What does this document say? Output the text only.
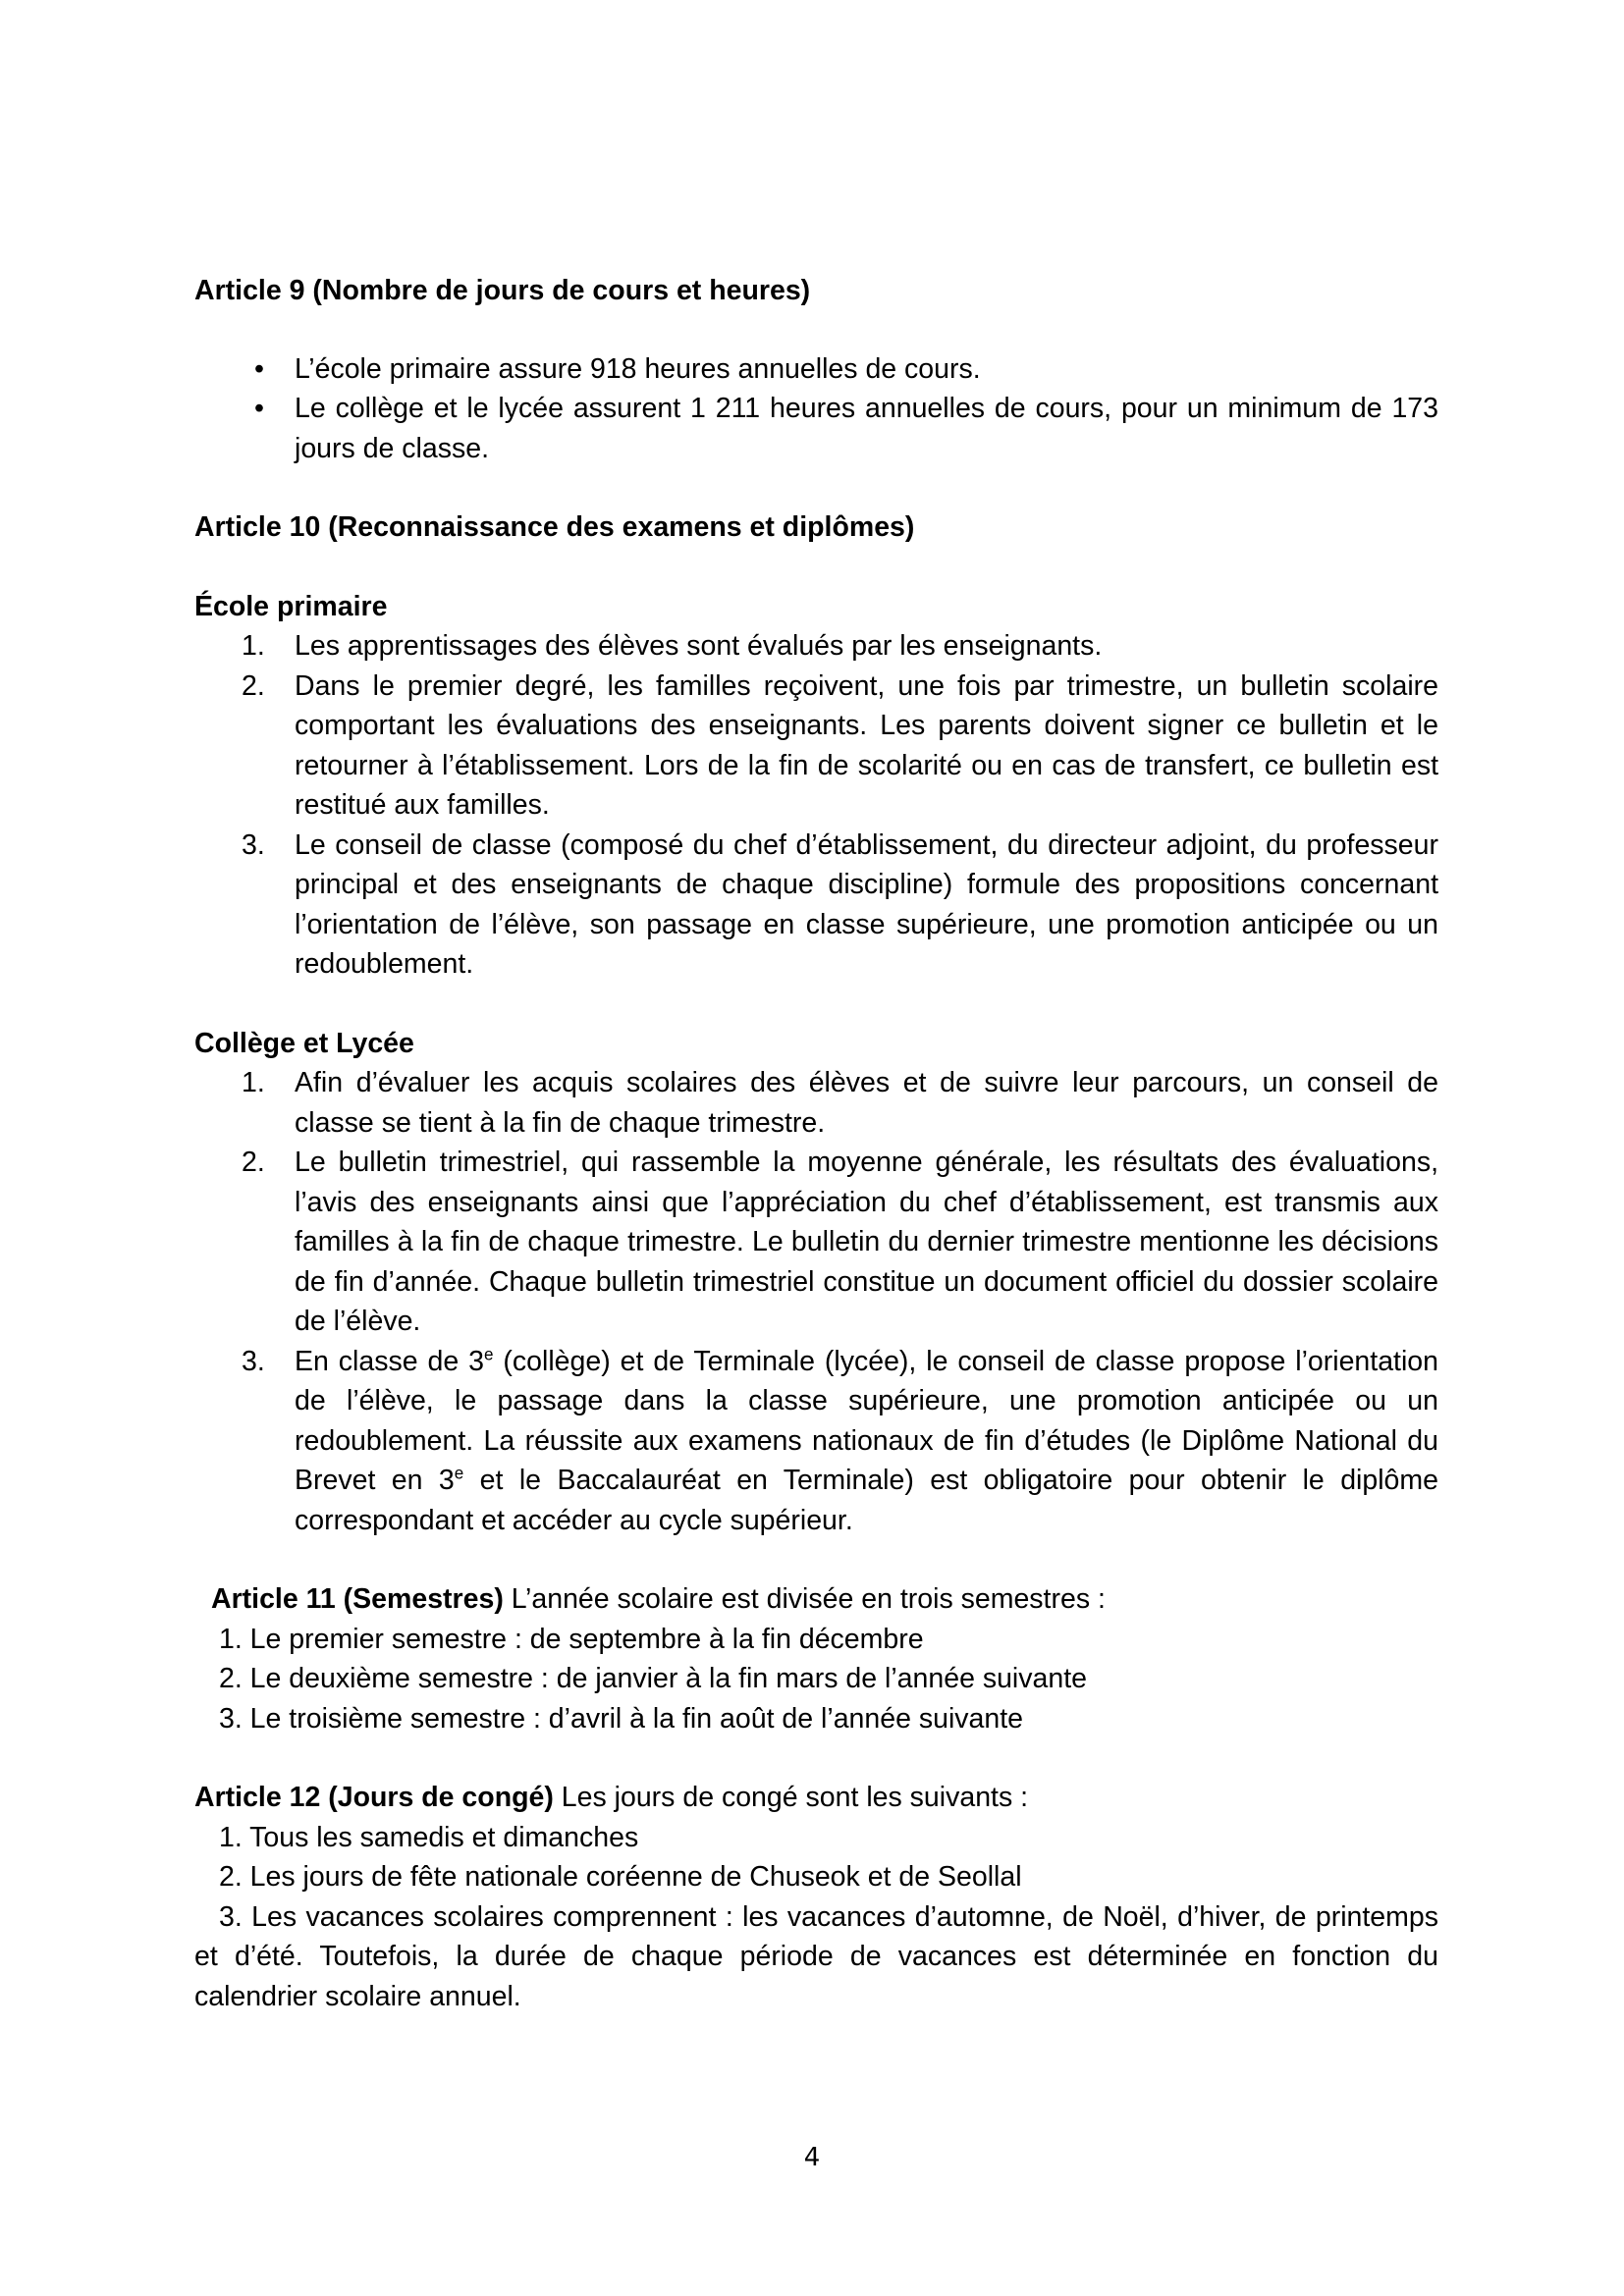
Article 9 (Nombre de jours de cours et heures)

• L’école primaire assure 918 heures annuelles de cours.
• Le collège et le lycée assurent 1 211 heures annuelles de cours, pour un minimum de 173 jours de classe.

Article 10 (Reconnaissance des examens et diplômes)

École primaire

1. Les apprentissages des élèves sont évalués par les enseignants.
2. Dans le premier degré, les familles reçoivent, une fois par trimestre, un bulletin scolaire comportant les évaluations des enseignants. Les parents doivent signer ce bulletin et le retourner à l’établissement. Lors de la fin de scolarité ou en cas de transfert, ce bulletin est restitué aux familles.
3. Le conseil de classe (composé du chef d’établissement, du directeur adjoint, du professeur principal et des enseignants de chaque discipline) formule des propositions concernant l’orientation de l’élève, son passage en classe supérieure, une promotion anticipée ou un redoublement.

Collège et Lycée

1. Afin d’évaluer les acquis scolaires des élèves et de suivre leur parcours, un conseil de classe se tient à la fin de chaque trimestre.
2. Le bulletin trimestriel, qui rassemble la moyenne générale, les résultats des évaluations, l’avis des enseignants ainsi que l’appréciation du chef d’établissement, est transmis aux familles à la fin de chaque trimestre. Le bulletin du dernier trimestre mentionne les décisions de fin d’année. Chaque bulletin trimestriel constitue un document officiel du dossier scolaire de l’élève.
3. En classe de 3e (collège) et de Terminale (lycée), le conseil de classe propose l’orientation de l’élève, le passage dans la classe supérieure, une promotion anticipée ou un redoublement. La réussite aux examens nationaux de fin d’études (le Diplôme National du Brevet en 3e et le Baccalauréat en Terminale) est obligatoire pour obtenir le diplôme correspondant et accéder au cycle supérieur.

Article 11 (Semestres) L’année scolaire est divisée en trois semestres :

1. Le premier semestre : de septembre à la fin décembre
2. Le deuxième semestre : de janvier à la fin mars de l’année suivante
3. Le troisième semestre : d’avril à la fin août de l’année suivante

Article 12 (Jours de congé) Les jours de congé sont les suivants :

1. Tous les samedis et dimanches
2. Les jours de fête nationale coréenne de Chuseok et de Seollal

3. Les vacances scolaires comprennent : les vacances d’automne, de Noël, d’hiver, de printemps et d’été. Toutefois, la durée de chaque période de vacances est déterminée en fonction du calendrier scolaire annuel.

4
